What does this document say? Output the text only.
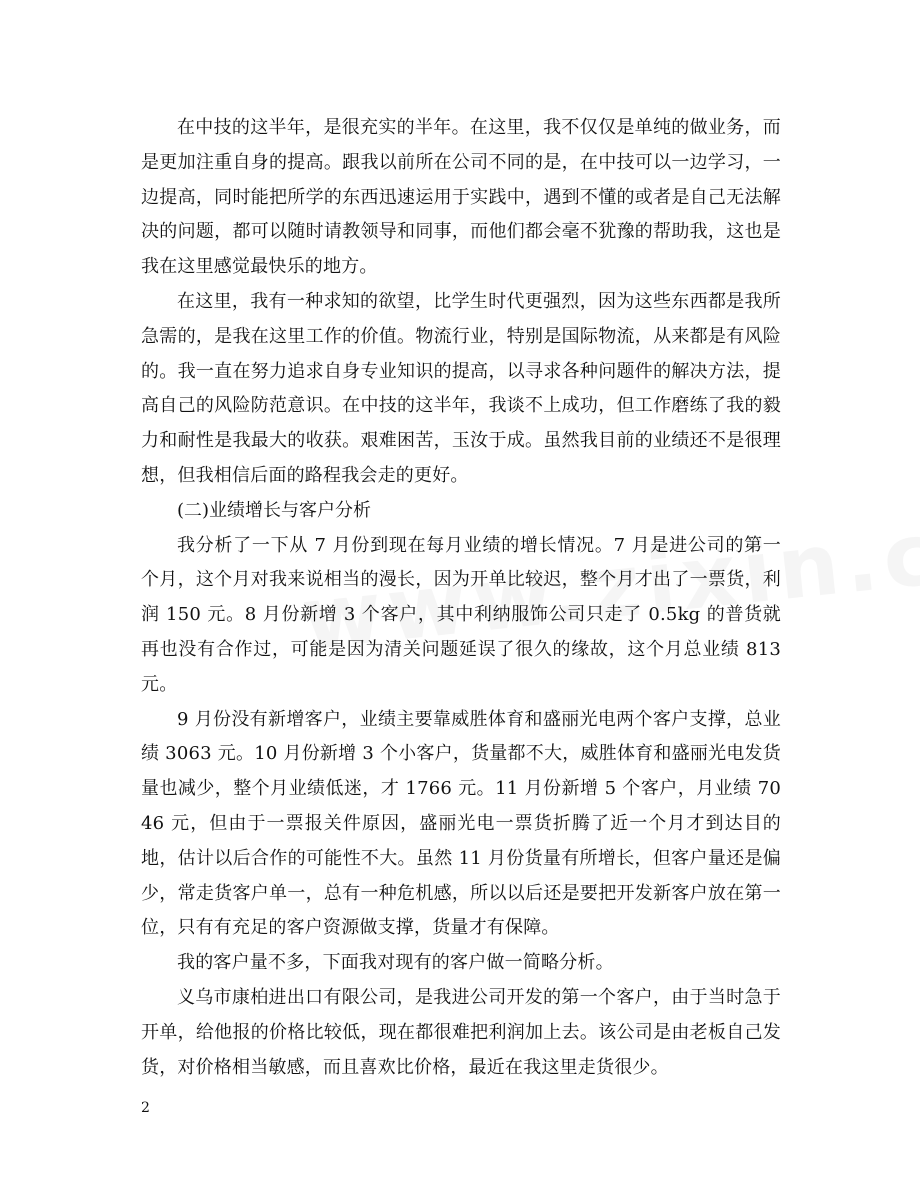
在中技的这半年，是很充实的半年。在这里，我不仅仅是单纯的做业务，而是更加注重自身的提高。跟我以前所在公司不同的是，在中技可以一边学习，一边提高，同时能把所学的东西迅速运用于实践中，遇到不懂的或者是自己无法解决的问题，都可以随时请教领导和同事，而他们都会毫不犹豫的帮助我，这也是我在这里感觉最快乐的地方。

在这里，我有一种求知的欲望，比学生时代更强烈，因为这些东西都是我所急需的，是我在这里工作的价值。物流行业，特别是国际物流，从来都是有风险的。我一直在努力追求自身专业知识的提高，以寻求各种问题件的解决方法，提高自己的风险防范意识。在中技的这半年，我谈不上成功，但工作磨练了我的毅力和耐性是我最大的收获。艰难困苦，玉汝于成。虽然我目前的业绩还不是很理想，但我相信后面的路程我会走的更好。

(二)业绩增长与客户分析

我分析了一下从 7 月份到现在每月业绩的增长情况。7 月是进公司的第一个月，这个月对我来说相当的漫长，因为开单比较迟，整个月才出了一票货，利润 150 元。8 月份新增 3 个客户，其中利纳服饰公司只走了 0.5kg 的普货就再也没有合作过，可能是因为清关问题延误了很久的缘故，这个月总业绩 813 元。

9 月份没有新增客户，业绩主要靠威胜体育和盛丽光电两个客户支撑，总业绩 3063 元。10 月份新增 3 个小客户，货量都不大，威胜体育和盛丽光电发货量也减少，整个月业绩低迷，才 1766 元。11 月份新增 5 个客户，月业绩 7046 元，但由于一票报关件原因，盛丽光电一票货折腾了近一个月才到达目的地，估计以后合作的可能性不大。虽然 11 月份货量有所增长，但客户量还是偏少，常走货客户单一，总有一种危机感，所以以后还是要把开发新客户放在第一位，只有有充足的客户资源做支撑，货量才有保障。

我的客户量不多，下面我对现有的客户做一简略分析。

义乌市康柏进出口有限公司，是我进公司开发的第一个客户，由于当时急于开单，给他报的价格比较低，现在都很难把利润加上去。该公司是由老板自己发货，对价格相当敏感，而且喜欢比价格，最近在我这里走货很少。

2
